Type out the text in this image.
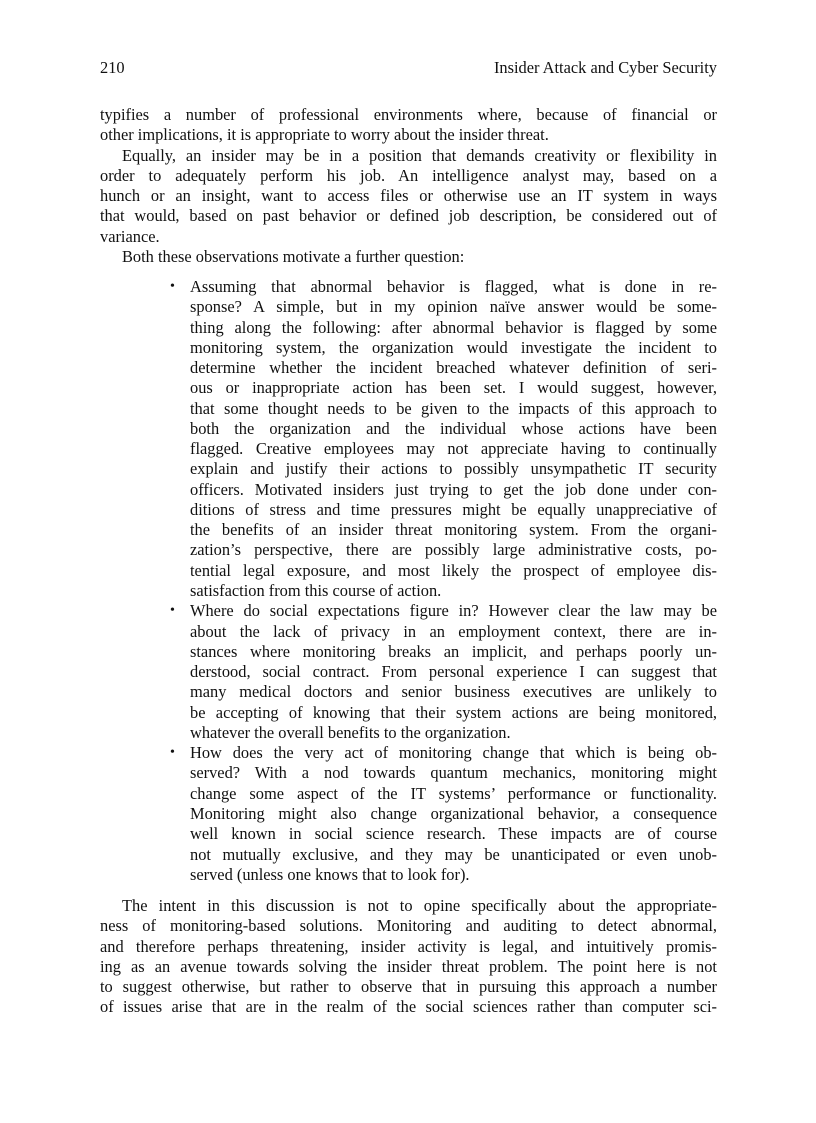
210	Insider Attack and Cyber Security
typifies a number of professional environments where, because of financial or
other implications, it is appropriate to worry about the insider threat.
Equally, an insider may be in a position that demands creativity or flexibility in
order to adequately perform his job. An intelligence analyst may, based on a
hunch or an insight, want to access files or otherwise use an IT system in ways
that would, based on past behavior or defined job description, be considered out of
variance.
Both these observations motivate a further question:
• Assuming that abnormal behavior is flagged, what is done in re-
sponse? A simple, but in my opinion naïve answer would be some-
thing along the following: after abnormal behavior is flagged by some
monitoring system, the organization would investigate the incident to
determine whether the incident breached whatever definition of seri-
ous or inappropriate action has been set. I would suggest, however,
that some thought needs to be given to the impacts of this approach to
both the organization and the individual whose actions have been
flagged. Creative employees may not appreciate having to continually
explain and justify their actions to possibly unsympathetic IT security
officers. Motivated insiders just trying to get the job done under con-
ditions of stress and time pressures might be equally unappreciative of
the benefits of an insider threat monitoring system. From the organi-
zation’s perspective, there are possibly large administrative costs, po-
tential legal exposure, and most likely the prospect of employee dis-
satisfaction from this course of action.
• Where do social expectations figure in? However clear the law may be
about the lack of privacy in an employment context, there are in-
stances where monitoring breaks an implicit, and perhaps poorly un-
derstood, social contract. From personal experience I can suggest that
many medical doctors and senior business executives are unlikely to
be accepting of knowing that their system actions are being monitored,
whatever the overall benefits to the organization.
• How does the very act of monitoring change that which is being ob-
served? With a nod towards quantum mechanics, monitoring might
change some aspect of the IT systems’ performance or functionality.
Monitoring might also change organizational behavior, a consequence
well known in social science research. These impacts are of course
not mutually exclusive, and they may be unanticipated or even unob-
served (unless one knows that to look for).
The intent in this discussion is not to opine specifically about the appropriate-
ness of monitoring-based solutions. Monitoring and auditing to detect abnormal,
and therefore perhaps threatening, insider activity is legal, and intuitively promis-
ing as an avenue towards solving the insider threat problem. The point here is not
to suggest otherwise, but rather to observe that in pursuing this approach a number
of issues arise that are in the realm of the social sciences rather than computer sci-
